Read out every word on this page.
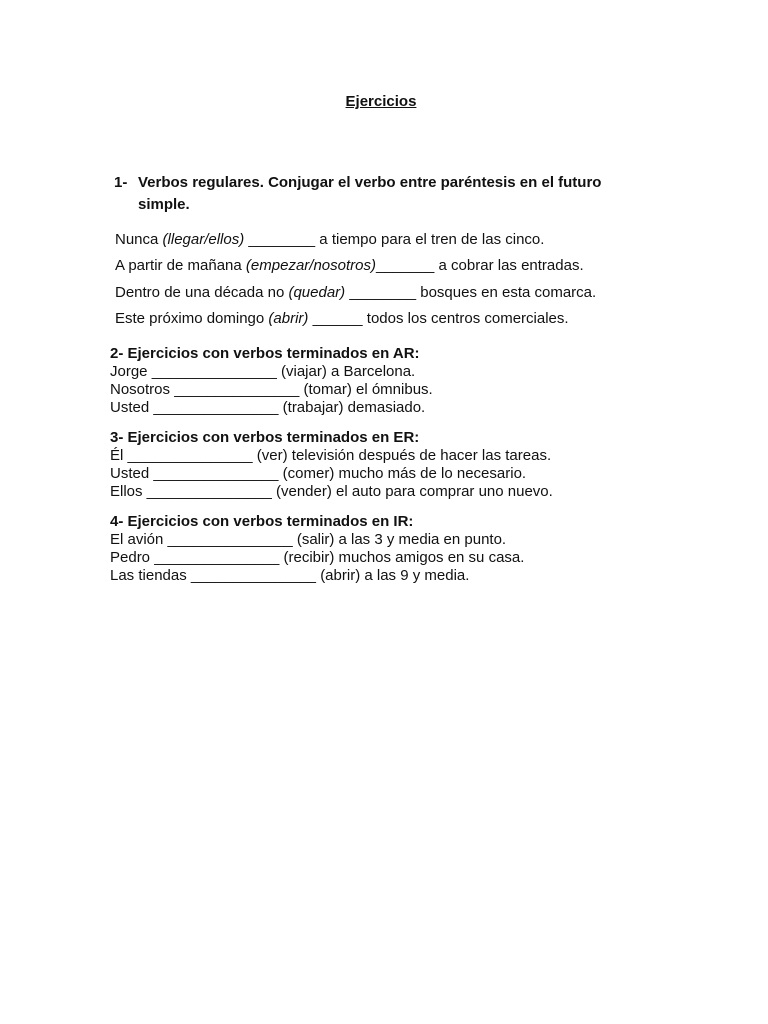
Ejercicios
1- Verbos regulares. Conjugar el verbo entre paréntesis en el futuro simple.
Nunca (llegar/ellos) ________ a tiempo para el tren de las cinco.
A partir de mañana (empezar/nosotros)_______ a cobrar las entradas.
Dentro de una década no (quedar) ________ bosques en esta comarca.
Este próximo domingo (abrir) ______ todos los centros comerciales.
2- Ejercicios con verbos terminados en AR:
Jorge _______________ (viajar) a Barcelona.
Nosotros _______________ (tomar) el ómnibus.
Usted _______________ (trabajar) demasiado.
3- Ejercicios con verbos terminados en ER:
Él _______________ (ver) televisión después de hacer las tareas.
Usted _______________ (comer) mucho más de lo necesario.
Ellos _______________ (vender) el auto para comprar uno nuevo.
4- Ejercicios con verbos terminados en IR:
El avión _______________ (salir) a las 3 y media en punto.
Pedro _______________ (recibir) muchos amigos en su casa.
Las tiendas _______________ (abrir) a las 9 y media.
